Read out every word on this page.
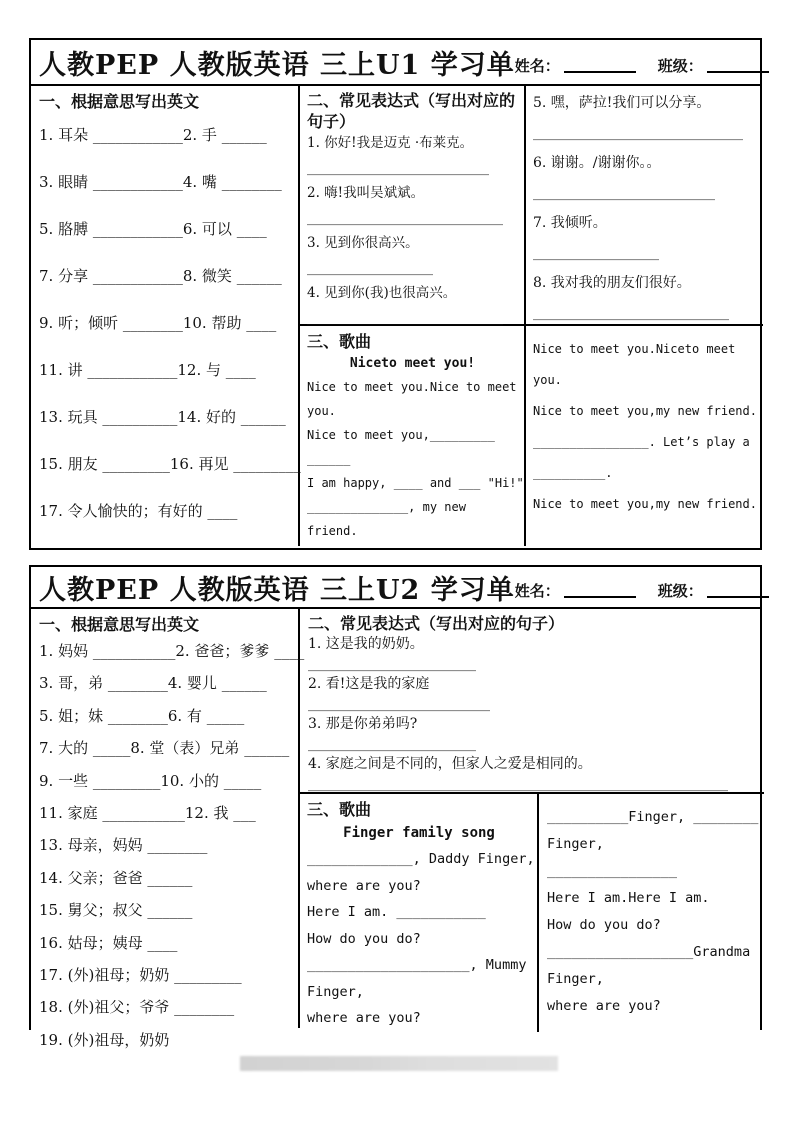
人教PEP 人教版英语 三上U1 学习单 姓名：	班级：
一、根据意思写出英文
1. 耳朵 ____________2. 手 ______
3. 眼睛 ____________4. 嘴 ________
5. 胳膊 ____________6. 可以 ____
7. 分享 ____________8. 微笑 ______
9. 听；倾听 ________10. 帮助 ____
11. 讲 ____________12. 与 ____
13. 玩具 __________14. 好的 ______
15. 朋友 _________16. 再见 _________
17. 令人愉快的；有好的 ____
二、常见表达式（写出对应的句子）
1. 你好!我是迈克 ·布莱克。
__________________________
2. 嗨!我叫吴斌斌。
____________________________
3. 见到你很高兴。
__________________
4. 见到你(我)也很高兴。
____________________________
三、歌曲
Niceto meet you!
Nice to meet you.Nice to meet
you.
Nice to meet you,_________
______
I am happy, ____ and ___ "Hi!"
______________, my new
friend.
5. 嘿，萨拉!我们可以分享。
______________________________
6. 谢谢。/谢谢你。。
__________________________
7. 我倾听。
__________________
8. 我对我的朋友们很好。
____________________________
Nice to meet you.Niceto meet
you.
Nice to meet you,my new friend.
________________. Let’s play a
__________.
Nice to meet you,my new friend.
人教PEP 人教版英语 三上U2 学习单 姓名：	班级：
一、根据意思写出英文
1. 妈妈 ___________2. 爸爸；爹爹 ____
3. 哥，弟 ________4. 婴儿 ______
5. 姐；妹 ________6. 有 _____
7. 大的 _____8. 堂（表）兄弟 ______
9. 一些 _________10. 小的 _____
11. 家庭 ___________12. 我 ___
13. 母亲，妈妈 ________
14. 父亲；爸爸 ______
15. 舅父；叔父 ______
16. 姑母；姨母 ____
17. (外)祖母；奶奶 _________
18. (外)祖父；爷爷 ________
19. (外)祖母，奶奶
二、常见表达式（写出对应的句子）
1. 这是我的奶奶。
________________________
2. 看!这是我的家庭
__________________________
3. 那是你弟弟吗?
________________________
4. 家庭之间是不同的，但家人之爱是相同的。
____________________________________________________________
三、歌曲
Finger family song
_____________, Daddy Finger,
where are you?
Here I am. ___________
How do you do?
____________________, Mummy
Finger,
where are you?
__________Finger, ________
Finger,
________________
Here I am.Here I am.
How do you do?
__________________Grandma
Finger,
where are you?
